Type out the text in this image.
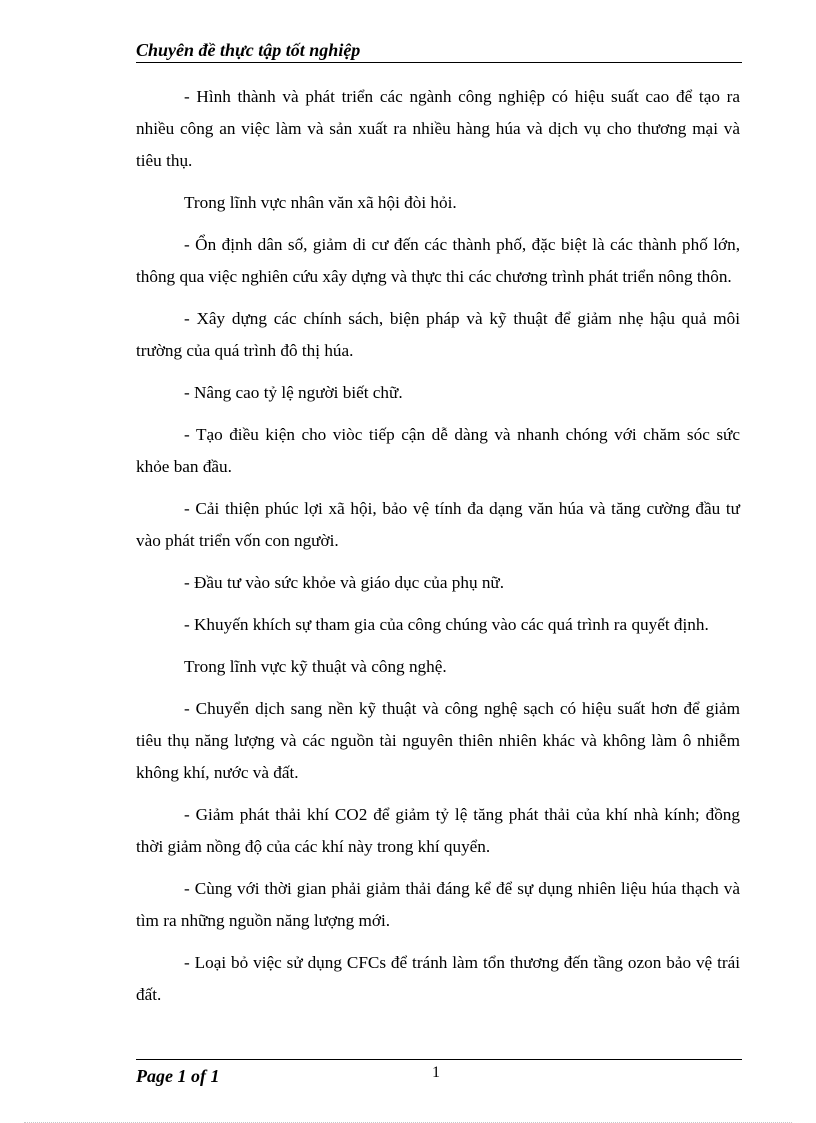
Chuyên đề thực tập tốt nghiệp

- Hình thành và phát triển các ngành công nghiệp có hiệu suất cao để tạo ra nhiều công an việc làm và sản xuất ra nhiều hàng húa và dịch vụ cho thương mại và tiêu thụ.

Trong lĩnh vực nhân văn xã hội đòi hỏi.

- Ổn định dân số, giảm di cư đến các thành phố, đặc biệt là các thành phố lớn, thông qua việc nghiên cứu xây dựng và thực thi các chương trình phát triển nông thôn.

- Xây dựng các chính sách, biện pháp và kỹ thuật để giảm nhẹ hậu quả môi trường của quá trình đô thị húa.

- Nâng cao tỷ lệ người biết chữ.

- Tạo điều kiện cho viòc tiếp cận dễ dàng và nhanh chóng với chăm sóc sức khỏe ban đầu.

- Cải thiện phúc lợi xã hội, bảo vệ tính đa dạng văn húa và tăng cường đầu tư vào phát triển vốn con người.

- Đầu tư vào sức khỏe và giáo dục của phụ nữ.

- Khuyến khích sự tham gia của công chúng vào các quá trình ra quyết định.

Trong lĩnh vực kỹ thuật và công nghệ.

- Chuyển dịch sang nền kỹ thuật và công nghệ sạch có hiệu suất hơn để giảm tiêu thụ năng lượng và các nguồn tài nguyên thiên nhiên khác và không làm ô nhiễm không khí, nước và đất.

- Giảm phát thải khí CO2 để giảm tỷ lệ tăng phát thải của khí nhà kính; đồng thời giảm nồng độ của các khí này trong khí quyển.

- Cùng với thời gian phải giảm thải đáng kể để sự dụng nhiên liệu húa thạch và tìm ra những nguồn năng lượng mới.

- Loại bỏ việc sử dụng CFCs để tránh làm tổn thương đến tầng ozon bảo vệ trái đất.

Page 1 of 1	1
